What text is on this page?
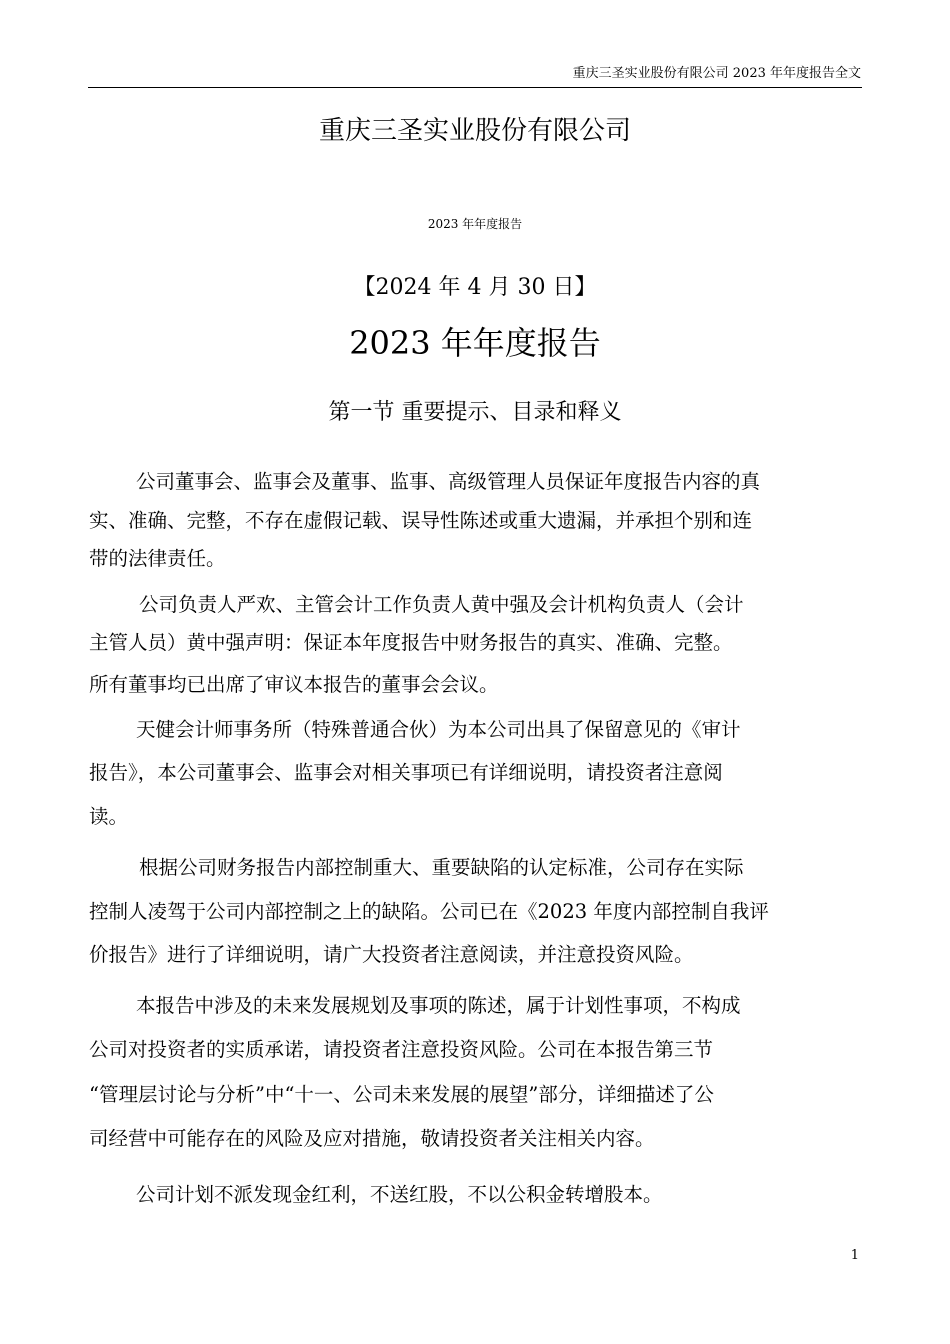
重庆三圣实业股份有限公司 2023 年年度报告全文
重庆三圣实业股份有限公司
2023 年年度报告
【2024 年 4 月 30 日】
2023 年年度报告
第一节 重要提示、目录和释义
公司董事会、监事会及董事、监事、高级管理人员保证年度报告内容的真
实、准确、完整，不存在虚假记载、误导性陈述或重大遗漏，并承担个别和连
带的法律责任。
公司负责人严欢、主管会计工作负责人黄中强及会计机构负责人（会计
主管人员）黄中强声明：保证本年度报告中财务报告的真实、准确、完整。
所有董事均已出席了审议本报告的董事会会议。
天健会计师事务所（特殊普通合伙）为本公司出具了保留意见的《审计
报告》，本公司董事会、监事会对相关事项已有详细说明，请投资者注意阅
读。
根据公司财务报告内部控制重大、重要缺陷的认定标准，公司存在实际
控制人凌驾于公司内部控制之上的缺陷。公司已在《2023 年度内部控制自我评
价报告》进行了详细说明，请广大投资者注意阅读，并注意投资风险。
本报告中涉及的未来发展规划及事项的陈述，属于计划性事项，不构成
公司对投资者的实质承诺，请投资者注意投资风险。公司在本报告第三节
“管理层讨论与分析”中“十一、公司未来发展的展望”部分，详细描述了公
司经营中可能存在的风险及应对措施，敬请投资者关注相关内容。
公司计划不派发现金红利，不送红股，不以公积金转增股本。
1
